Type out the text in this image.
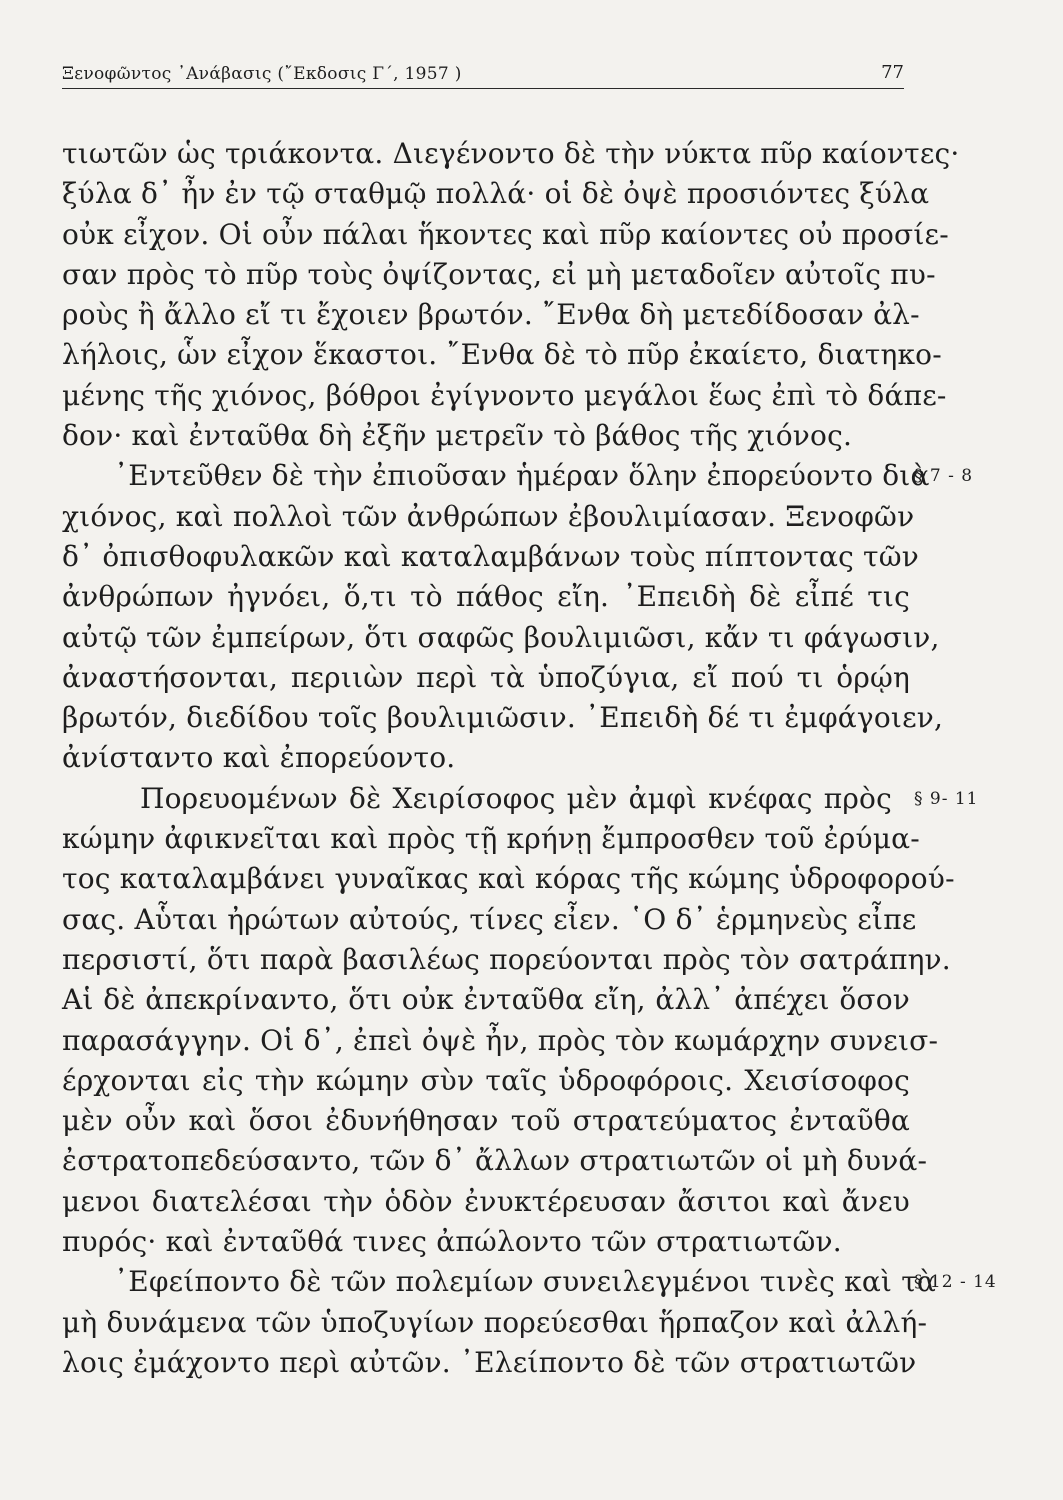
Ξενοφῶντος ᾿Ανάβασις (῎Εκδοσις Γ΄, 1957 )	77
τιωτῶν ὡς τριάκοντα. Διεγένοντο δὲ τὴν νύκτα πῦρ καίοντες·
ξύλα δ᾿ ἦν ἐν τῷ σταθμῷ πολλά· οἱ δὲ ὀψὲ προσιόντες ξύλα
οὐκ εἶχον. Οἱ οὖν πάλαι ἥκοντες καὶ πῦρ καίοντες οὐ προσίε-
σαν πρὸς τὸ πῦρ τοὺς ὀψίζοντας, εἰ μὴ μεταδοῖεν αὐτοῖς πυ-
ροὺς ἢ ἄλλο εἴ τι ἔχοιεν βρωτόν. ῎Ενθα δὴ μετεδίδοσαν ἀλ-
λήλοις, ὧν εἶχον ἕκαστοι. ῎Ενθα δὲ τὸ πῦρ ἐκαίετο, διατηκο-
μένης τῆς χιόνος, βόθροι ἐγίγνοντο μεγάλοι ἕως ἐπὶ τὸ δάπε-
δον· καὶ ἐνταῦθα δὴ ἐξῆν μετρεῖν τὸ βάθος τῆς χιόνος.
᾿Εντεῦθεν δὲ τὴν ἐπιοῦσαν ἡμέραν ὅλην ἐπορεύοντο διὰ
§ 7 - 8
χιόνος, καὶ πολλοὶ τῶν ἀνθρώπων ἐβουλιμίασαν. Ξενοφῶν
δ᾿ ὀπισθοφυλακῶν καὶ καταλαμβάνων τοὺς πίπτοντας τῶν
ἀνθρώπων ἠγνόει, ὅ,τι τὸ πάθος εἴη. ᾿Επειδὴ δὲ εἶπέ τις
αὐτῷ τῶν ἐμπείρων, ὅτι σαφῶς βουλιμιῶσι, κἄν τι φάγωσιν,
ἀναστήσονται, περιιὼν περὶ τὰ ὑποζύγια, εἴ πού τι ὁρῴη
βρωτόν, διεδίδου τοῖς βουλιμιῶσιν. ᾿Επειδὴ δέ τι ἐμφάγοιεν,
ἀνίσταντο καὶ ἐπορεύοντο.
Πορευομένων δὲ Χειρίσοφος μὲν ἀμφὶ κνέφας πρὸς § 9- 11
κώμην ἀφικνεῖται καὶ πρὸς τῇ κρήνῃ ἔμπροσθεν τοῦ ἐρύμα-
τος καταλαμβάνει γυναῖκας καὶ κόρας τῆς κώμης ὑδροφορού-
σας. Αὗται ἠρώτων αὐτούς, τίνες εἶεν. ῾Ο δ᾿ ἑρμηνεὺς εἶπε
περσιστί, ὅτι παρὰ βασιλέως πορεύονται πρὸς τὸν σατράπην.
Αἱ δὲ ἀπεκρίναντο, ὅτι οὐκ ἐνταῦθα εἴη, ἀλλ᾿ ἀπέχει ὅσον
παρασάγγην. Οἱ δ᾿, ἐπεὶ ὀψὲ ἦν, πρὸς τὸν κωμάρχην συνεισ-
έρχονται εἰς τὴν κώμην σὺν ταῖς ὑδροφόροις. Χεισίσοφος
μὲν οὖν καὶ ὅσοι ἐδυνήθησαν τοῦ στρατεύματος ἐνταῦθα
ἐστρατοπεδεύσαντο, τῶν δ᾿ ἄλλων στρατιωτῶν οἱ μὴ δυνά-
μενοι διατελέσαι τὴν ὁδὸν ἐνυκτέρευσαν ἄσιτοι καὶ ἄνευ
πυρός· καὶ ἐνταῦθά τινες ἀπώλοντο τῶν στρατιωτῶν.
᾿Εφείποντο δὲ τῶν πολεμίων συνειλεγμένοι τινὲς καὶ τὰ
§ 12 - 14
μὴ δυνάμενα τῶν ὑποζυγίων πορεύεσθαι ἥρπαζον καὶ ἀλλή-
λοις ἐμάχοντο περὶ αὐτῶν. ᾿Ελείποντο δὲ τῶν στρατιωτῶν
